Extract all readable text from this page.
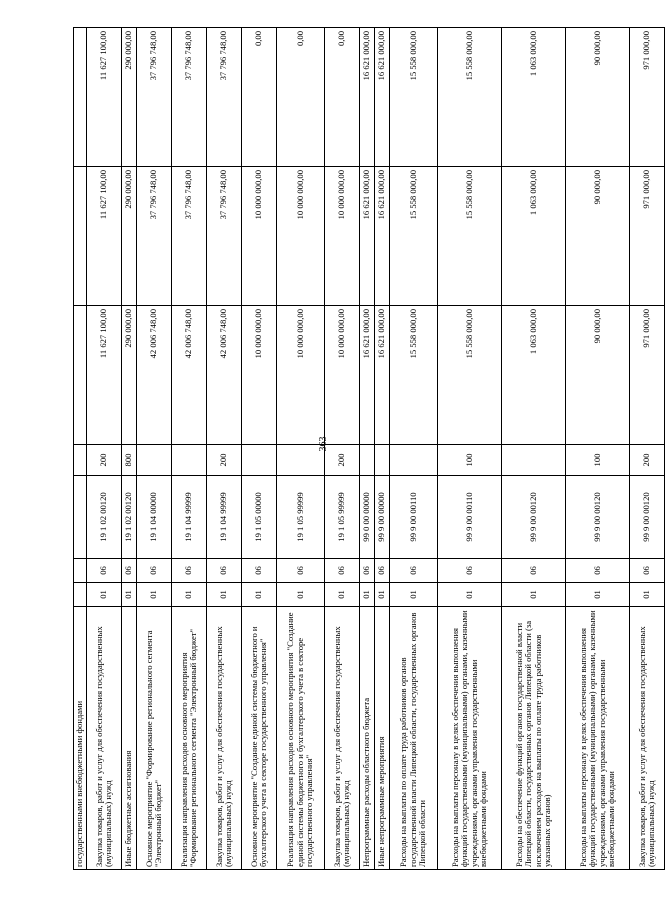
363
государственными внебюджетными фондами							
Закупка товаров, работ и услуг для обеспечения государственных (муниципальных) нужд	01	06	19 1 02 00120	200	11 627 100,00	11 627 100,00	11 627 100,00
Иные бюджетные ассигнования	01	06	19 1 02 00120	800	290 000,00	290 000,00	290 000,00
Основное мероприятие "Формирование регионального сегмента "Электронный бюджет"	01	06	19 1 04 00000		42 006 748,00	37 796 748,00	37 796 748,00
Реализация направления расходов основного мероприятия "Формирование регионального сегмента "Электронный бюджет"	01	06	19 1 04 99999		42 006 748,00	37 796 748,00	37 796 748,00
Закупка товаров, работ и услуг для обеспечения государственных (муниципальных) нужд	01	06	19 1 04 99999	200	42 006 748,00	37 796 748,00	37 796 748,00
Основное мероприятие "Создание единой системы бюджетного и бухгалтерского учета в секторе государственного управления"	01	06	19 1 05 00000		10 000 000,00	10 000 000,00	0,00
Реализация направления расходов основного мероприятия "Создание единой системы бюджетного и бухгалтерского учета в секторе государственного управления"	01	06	19 1 05 99999		10 000 000,00	10 000 000,00	0,00
Закупка товаров, работ и услуг для обеспечения государственных (муниципальных) нужд	01	06	19 1 05 99999	200	10 000 000,00	10 000 000,00	0,00
Непрограммные расходы областного бюджета	01	06	99 0 00 00000		16 621 000,00	16 621 000,00	16 621 000,00
Иные непрограммные мероприятия	01	06	99 9 00 00000		16 621 000,00	16 621 000,00	16 621 000,00
Расходы на выплаты по оплате труда работников органов государственной власти Липецкой области, государственных органов Липецкой области	01	06	99 9 00 00110		15 558 000,00	15 558 000,00	15 558 000,00
Расходы на выплаты персоналу в целях обеспечения выполнения функций государственными (муниципальными) органами, казенными учреждениями, органами управления государственными внебюджетными фондами	01	06	99 9 00 00110	100	15 558 000,00	15 558 000,00	15 558 000,00
Расходы на обеспечение функций органов государственной власти Липецкой области, государственных органов Липецкой области (за исключением расходов на выплаты по оплате труда работников указанных органов)	01	06	99 9 00 00120		1 063 000,00	1 063 000,00	1 063 000,00
Расходы на выплаты персоналу в целях обеспечения выполнения функций государственными (муниципальными) органами, казенными учреждениями, органами управления государственными внебюджетными фондами	01	06	99 9 00 00120	100	90 000,00	90 000,00	90 000,00
Закупка товаров, работ и услуг для обеспечения государственных (муниципальных) нужд	01	06	99 9 00 00120	200	971 000,00	971 000,00	971 000,00
